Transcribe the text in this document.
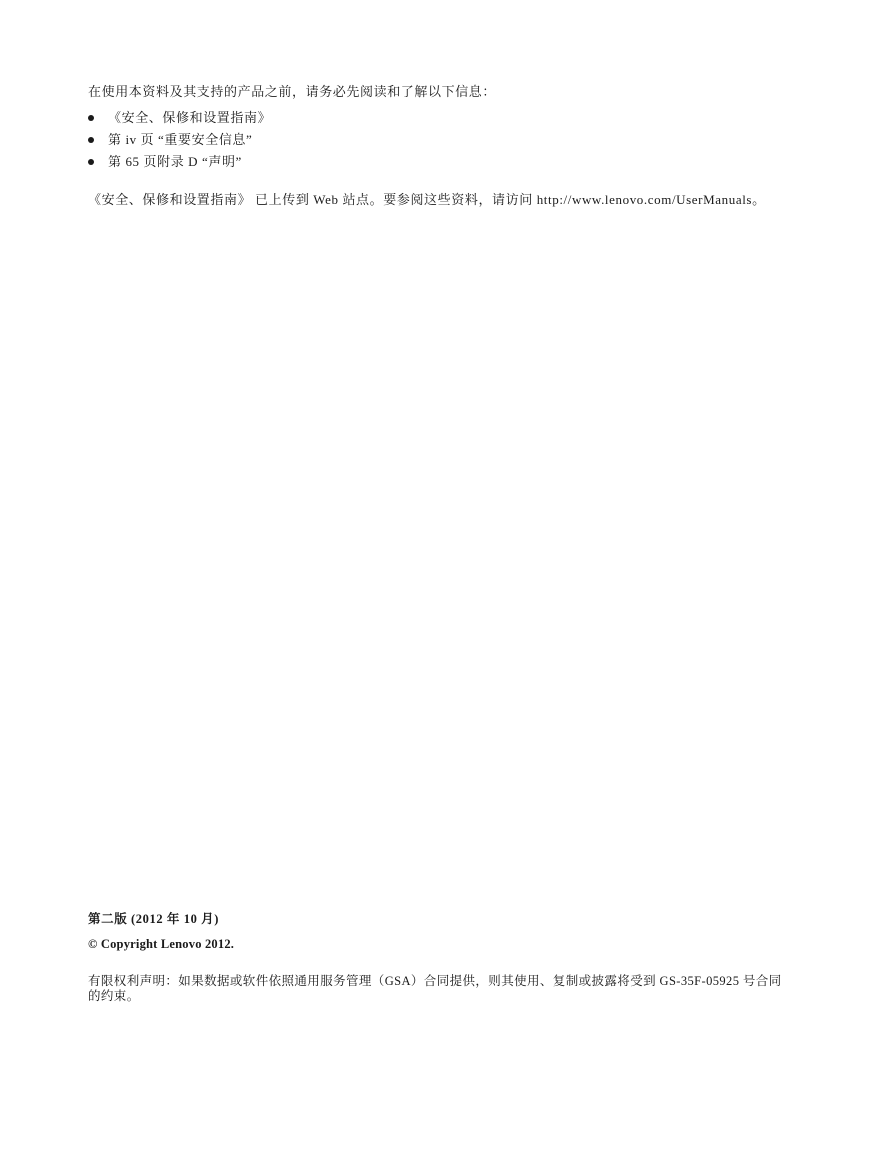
在使用本资料及其支持的产品之前，请务必先阅读和了解以下信息：

《安全、保修和设置指南》
第 iv 页 “重要安全信息”
第 65 页附录 D “声明”

《安全、保修和设置指南》 已上传到 Web 站点。要参阅这些资料，请访问 http://www.lenovo.com/UserManuals。

第二版 (2012 年 10 月)

© Copyright Lenovo 2012.

有限权利声明：如果数据或软件依照通用服务管理（GSA）合同提供，则其使用、复制或披露将受到 GS-35F-05925 号合同的约束。
